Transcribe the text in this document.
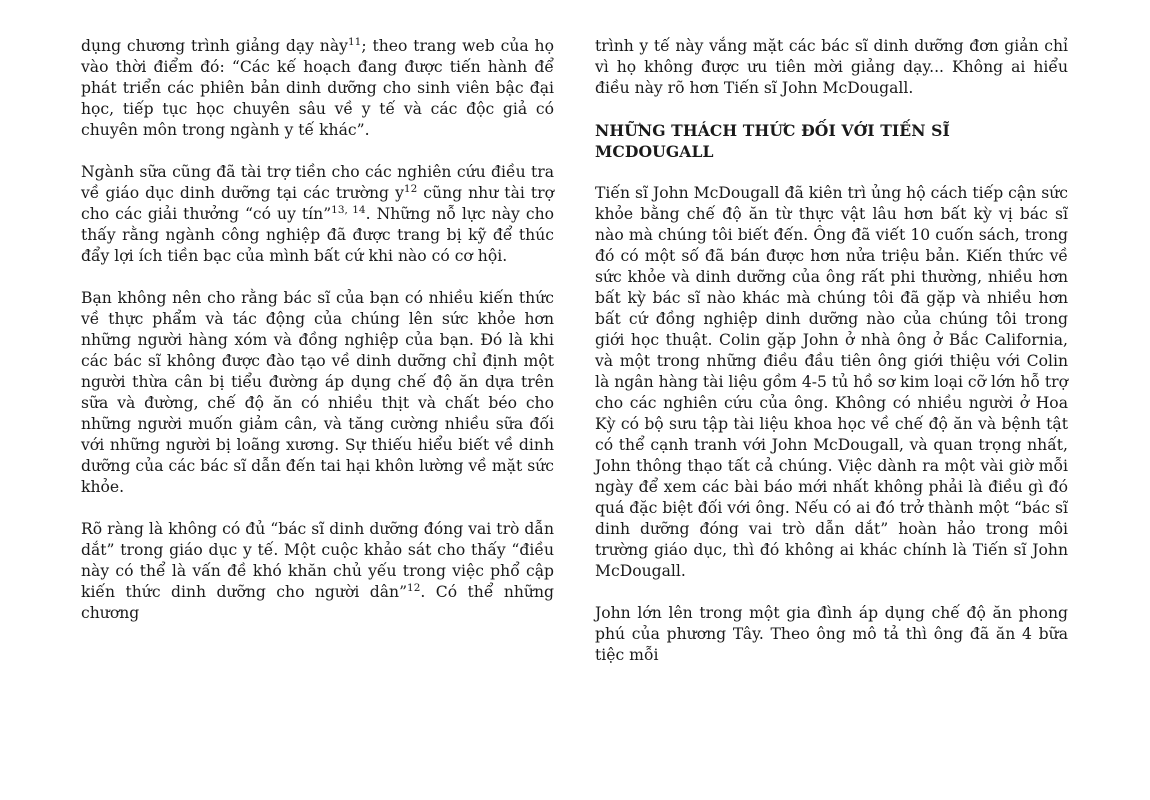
dụng chương trình giảng dạy này$^{11}$; theo trang web của họ vào thời điểm đó: “Các kế hoạch đang được tiến hành để phát triển các phiên bản dinh dưỡng cho sinh viên bậc đại học, tiếp tục học chuyên sâu về y tế và các độc giả có chuyên môn trong ngành y tế khác”.

Ngành sữa cũng đã tài trợ tiền cho các nghiên cứu điều tra về giáo dục dinh dưỡng tại các trường $y^{12}$ cũng như tài trợ cho các giải thưởng “có uy tín”$^{13, 14}$. Những nỗ lực này cho thấy rằng ngành công nghiệp đã được trang bị kỹ để thúc đẩy lợi ích tiền bạc của mình bất cứ khi nào có cơ hội.

Bạn không nên cho rằng bác sĩ của bạn có nhiều kiến thức về thực phẩm và tác động của chúng lên sức khỏe hơn những người hàng xóm và đồng nghiệp của bạn. Đó là khi các bác sĩ không được đào tạo về dinh dưỡng chỉ định một người thừa cân bị tiểu đường áp dụng chế độ ăn dựa trên sữa và đường, chế độ ăn có nhiều thịt và chất béo cho những người muốn giảm cân, và tăng cường nhiều sữa đối với những người bị loãng xương. Sự thiếu hiểu biết về dinh dưỡng của các bác sĩ dẫn đến tai hại khôn lường về mặt sức khỏe.

Rõ ràng là không có đủ “bác sĩ dinh dưỡng đóng vai trò dẫn dắt” trong giáo dục y tế. Một cuộc khảo sát cho thấy “điều này có thể là vấn đề khó khăn chủ yếu trong việc phổ cập kiến thức dinh dưỡng cho người dân”$^{12}$. Có thể những chương

trình y tế này vắng mặt các bác sĩ dinh dưỡng đơn giản chỉ vì họ không được ưu tiên mời giảng dạy... Không ai hiểu điều này rõ hơn Tiến sĩ John McDougall.

NHỮNG THÁCH THỨC ĐỐI VỚI TIẾN SĨ MCDOUGALL

Tiến sĩ John McDougall đã kiên trì ủng hộ cách tiếp cận sức khỏe bằng chế độ ăn từ thực vật lâu hơn bất kỳ vị bác sĩ nào mà chúng tôi biết đến. Ông đã viết 10 cuốn sách, trong đó có một số đã bán được hơn nửa triệu bản. Kiến thức về sức khỏe và dinh dưỡng của ông rất phi thường, nhiều hơn bất kỳ bác sĩ nào khác mà chúng tôi đã gặp và nhiều hơn bất cứ đồng nghiệp dinh dưỡng nào của chúng tôi trong giới học thuật. Colin gặp John ở nhà ông ở Bắc California, và một trong những điều đầu tiên ông giới thiệu với Colin là ngân hàng tài liệu gồm 4-5 tủ hồ sơ kim loại cỡ lớn hỗ trợ cho các nghiên cứu của ông. Không có nhiều người ở Hoa Kỳ có bộ sưu tập tài liệu khoa học về chế độ ăn và bệnh tật có thể cạnh tranh với John McDougall, và quan trọng nhất, John thông thạo tất cả chúng. Việc dành ra một vài giờ mỗi ngày để xem các bài báo mới nhất không phải là điều gì đó quá đặc biệt đối với ông. Nếu có ai đó trở thành một “bác sĩ dinh dưỡng đóng vai trò dẫn dắt” hoàn hảo trong môi trường giáo dục, thì đó không ai khác chính là Tiến sĩ John McDougall.

John lớn lên trong một gia đình áp dụng chế độ ăn phong phú của phương Tây. Theo ông mô tả thì ông đã ăn 4 bữa tiệc mỗi
